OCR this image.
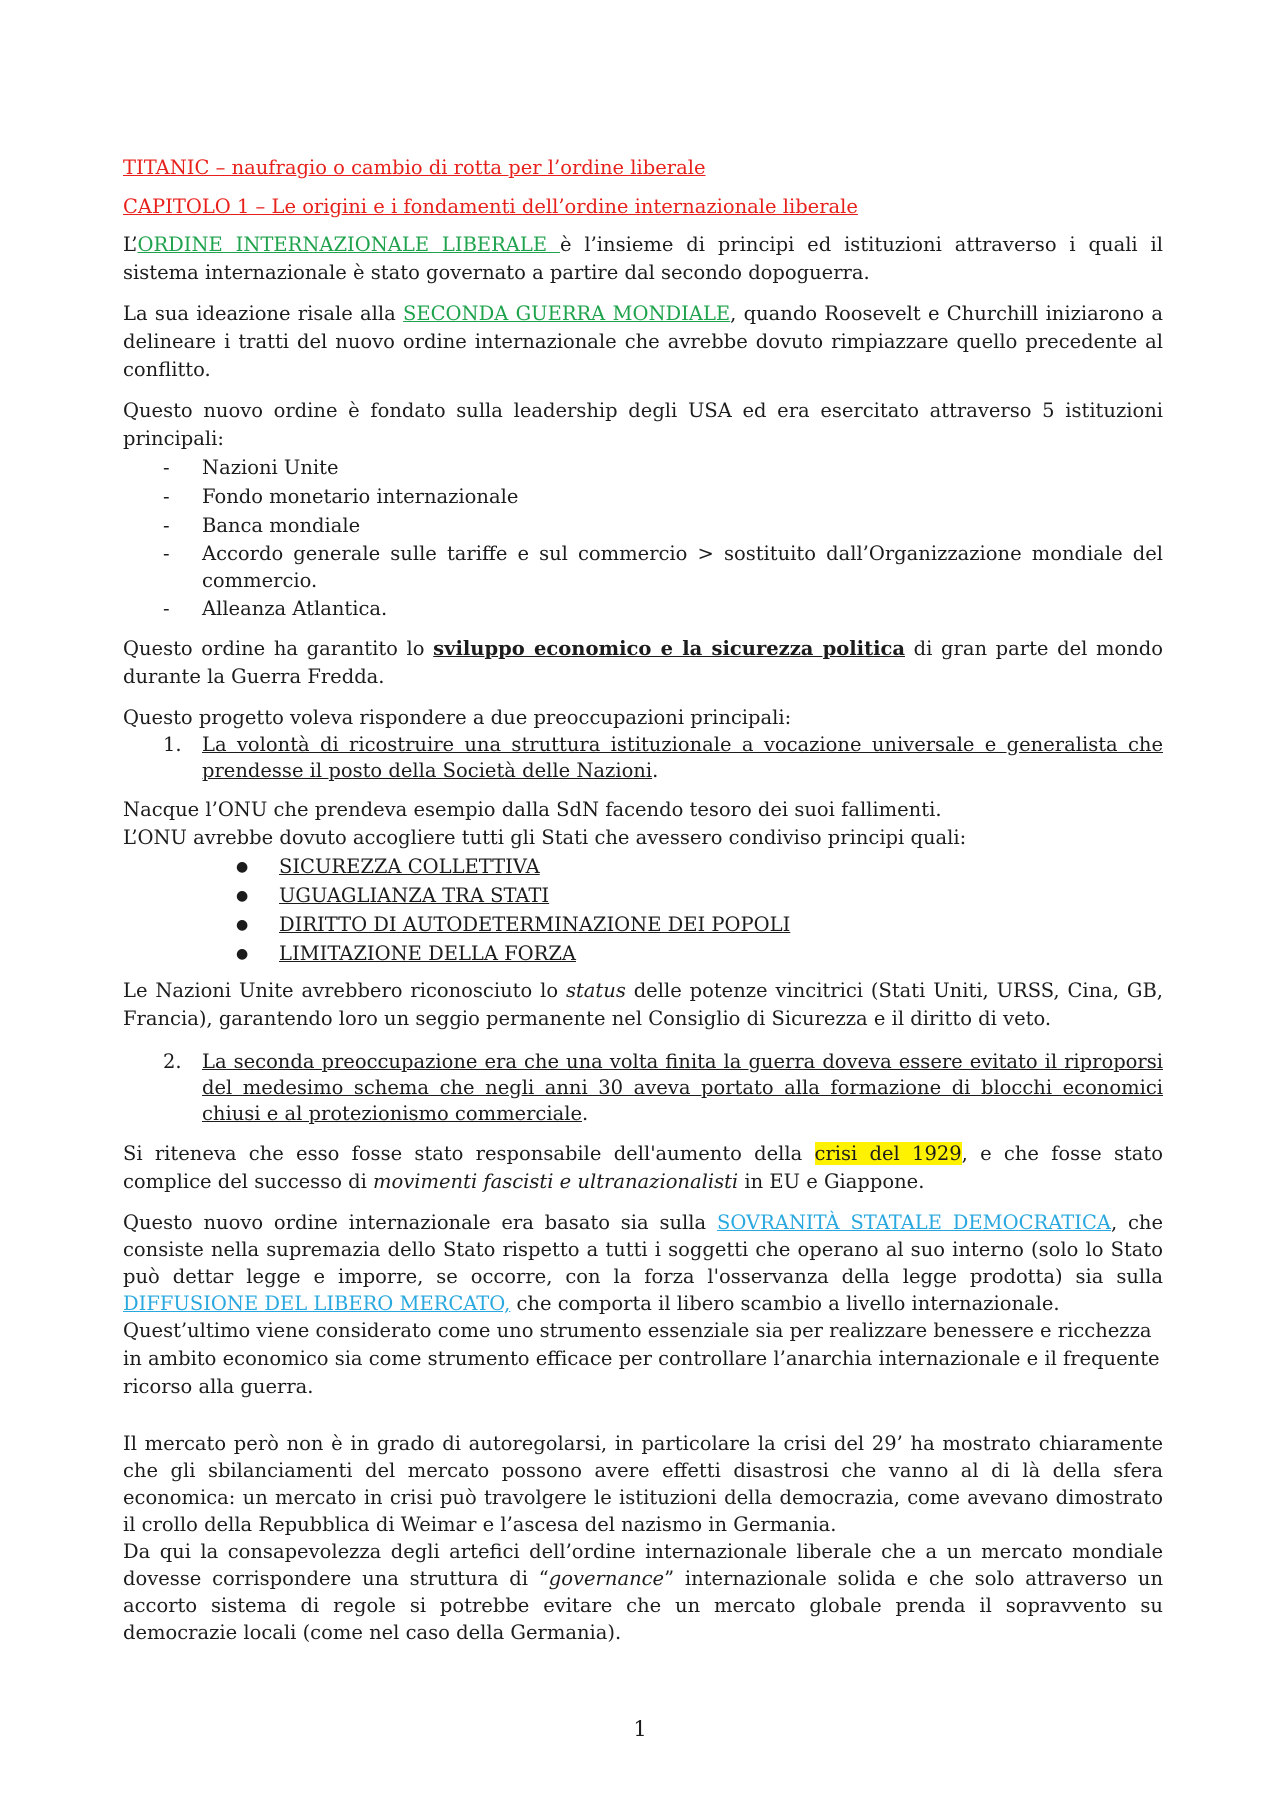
TITANIC – naufragio o cambio di rotta per l’ordine liberale

CAPITOLO 1 – Le origini e i fondamenti dell’ordine internazionale liberale

L’ORDINE INTERNAZIONALE LIBERALE è l’insieme di principi ed istituzioni attraverso i quali il sistema internazionale è stato governato a partire dal secondo dopoguerra.

La sua ideazione risale alla SECONDA GUERRA MONDIALE, quando Roosevelt e Churchill iniziarono a delineare i tratti del nuovo ordine internazionale che avrebbe dovuto rimpiazzare quello precedente al conflitto.

Questo nuovo ordine è fondato sulla leadership degli USA ed era esercitato attraverso 5 istituzioni principali:

- Nazioni Unite
- Fondo monetario internazionale
- Banca mondiale
- Accordo generale sulle tariffe e sul commercio > sostituito dall’Organizzazione mondiale del commercio.
- Alleanza Atlantica.

Questo ordine ha garantito lo sviluppo economico e la sicurezza politica di gran parte del mondo durante la Guerra Fredda.

Questo progetto voleva rispondere a due preoccupazioni principali:

1. La volontà di ricostruire una struttura istituzionale a vocazione universale e generalista che prendesse il posto della Società delle Nazioni.

Nacque l’ONU che prendeva esempio dalla SdN facendo tesoro dei suoi fallimenti.

L’ONU avrebbe dovuto accogliere tutti gli Stati che avessero condiviso principi quali:

● SICUREZZA COLLETTIVA
● UGUAGLIANZA TRA STATI
● DIRITTO DI AUTODETERMINAZIONE DEI POPOLI
● LIMITAZIONE DELLA FORZA

Le Nazioni Unite avrebbero riconosciuto lo status delle potenze vincitrici (Stati Uniti, URSS, Cina, GB, Francia), garantendo loro un seggio permanente nel Consiglio di Sicurezza e il diritto di veto.

2. La seconda preoccupazione era che una volta finita la guerra doveva essere evitato il riproporsi del medesimo schema che negli anni 30 aveva portato alla formazione di blocchi economici chiusi e al protezionismo commerciale.

Si riteneva che esso fosse stato responsabile dell'aumento della crisi del 1929, e che fosse stato complice del successo di movimenti fascisti e ultranazionalisti in EU e Giappone.

Questo nuovo ordine internazionale era basato sia sulla SOVRANITÀ STATALE DEMOCRATICA, che consiste nella supremazia dello Stato rispetto a tutti i soggetti che operano al suo interno (solo lo Stato può dettar legge e imporre, se occorre, con la forza l'osservanza della legge prodotta) sia sulla DIFFUSIONE DEL LIBERO MERCATO, che comporta il libero scambio a livello internazionale.

Quest’ultimo viene considerato come uno strumento essenziale sia per realizzare benessere e ricchezza in ambito economico sia come strumento efficace per controllare l’anarchia internazionale e il frequente ricorso alla guerra.

Il mercato però non è in grado di autoregolarsi, in particolare la crisi del 29’ ha mostrato chiaramente che gli sbilanciamenti del mercato possono avere effetti disastrosi che vanno al di là della sfera economica: un mercato in crisi può travolgere le istituzioni della democrazia, come avevano dimostrato il crollo della Repubblica di Weimar e l’ascesa del nazismo in Germania.

Da qui la consapevolezza degli artefici dell’ordine internazionale liberale che a un mercato mondiale dovesse corrispondere una struttura di “governance” internazionale solida e che solo attraverso un accorto sistema di regole si potrebbe evitare che un mercato globale prenda il sopravvento su democrazie locali (come nel caso della Germania).

1
